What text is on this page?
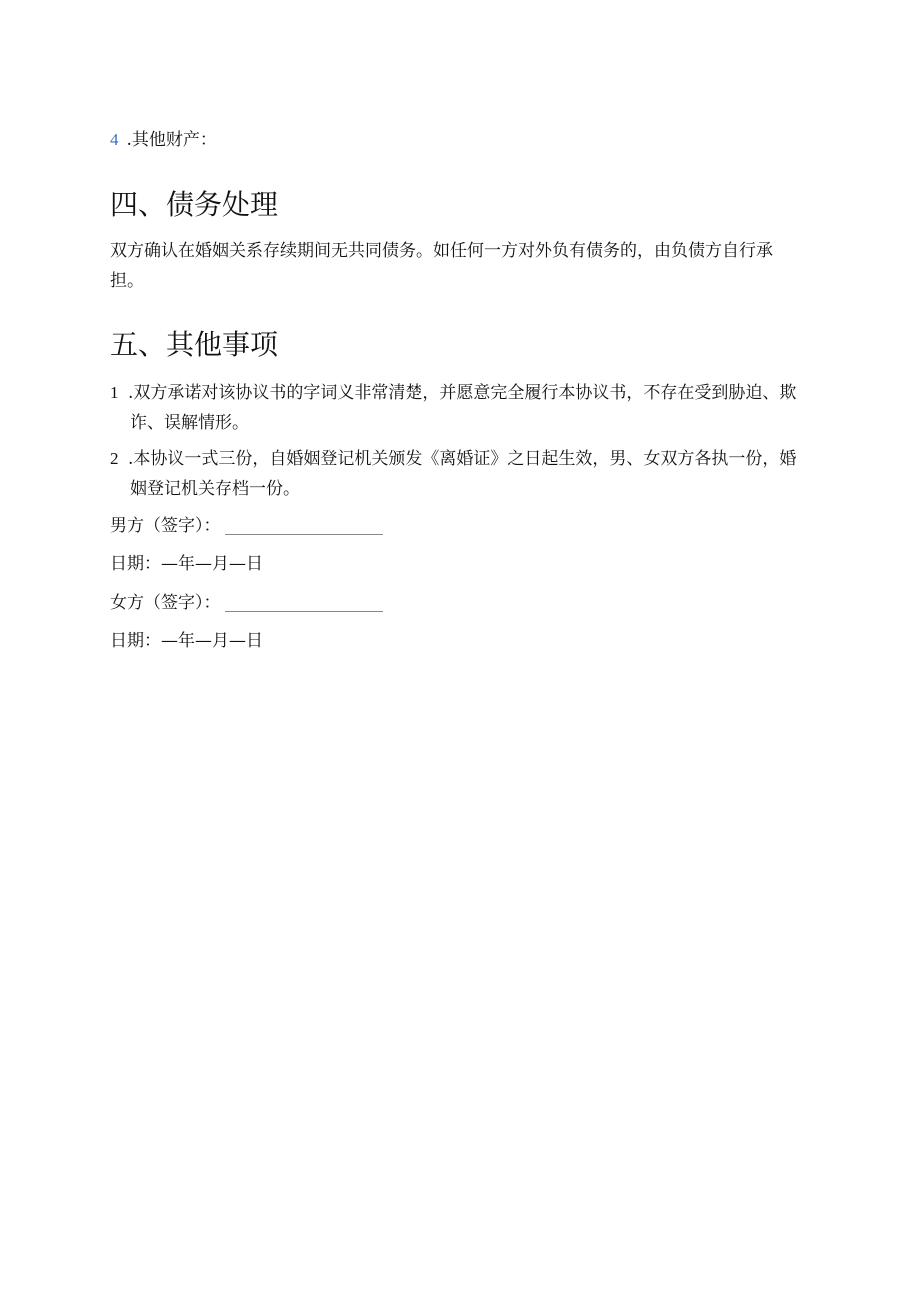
4 .其他财产：
四、债务处理

双方确认在婚姻关系存续期间无共同债务。如任何一方对外负有债务的，由负债方自行承担。

五、其他事项
1 .双方承诺对该协议书的字词义非常清楚，并愿意完全履行本协议书，不存在受到胁迫、欺诈、误解情形。
2 .本协议一式三份，自婚姻登记机关颁发《离婚证》之日起生效，男、女双方各执一份，婚姻登记机关存档一份。
男方（签字）：
日期：—年—月—日
女方（签字）：
日期：—年—月—日
